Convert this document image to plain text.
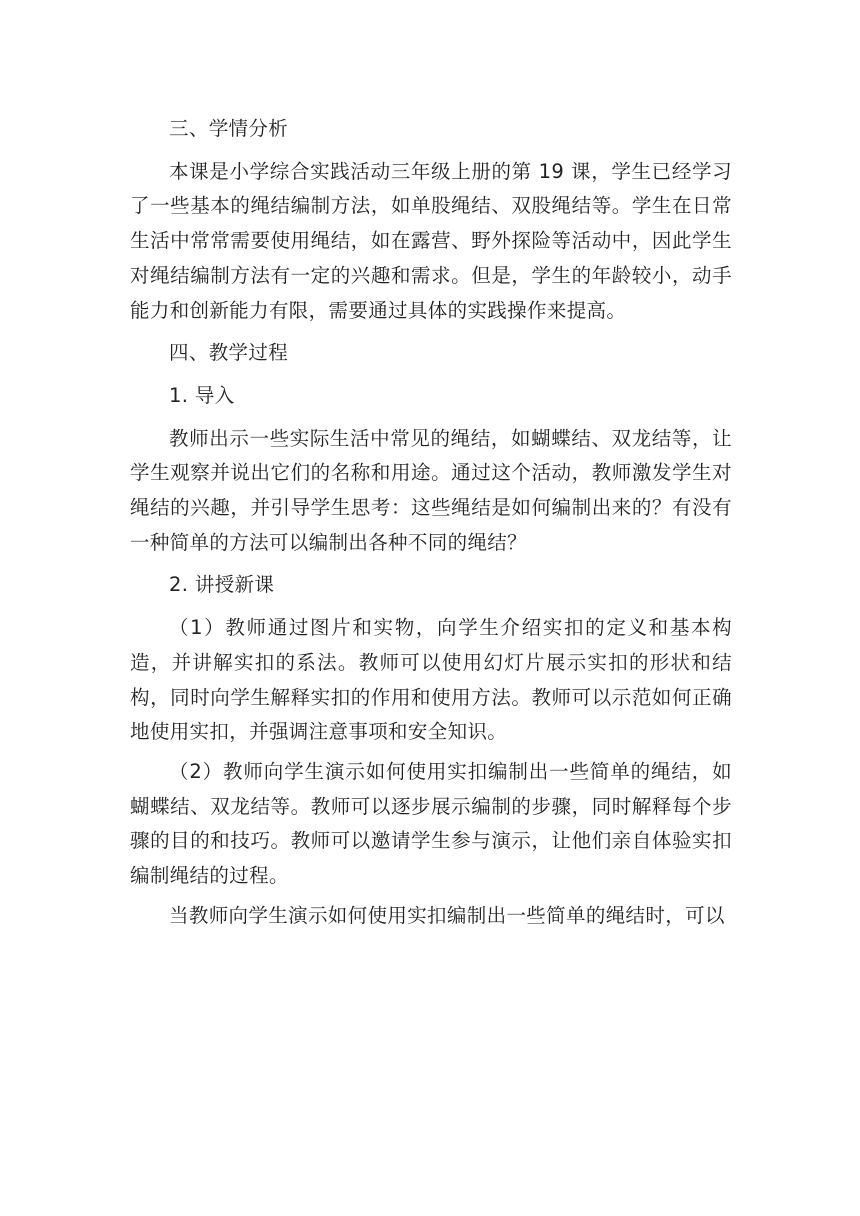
三、学情分析

本课是小学综合实践活动三年级上册的第 19 课，学生已经学习了一些基本的绳结编制方法，如单股绳结、双股绳结等。学生在日常生活中常常需要使用绳结，如在露营、野外探险等活动中，因此学生对绳结编制方法有一定的兴趣和需求。但是，学生的年龄较小，动手能力和创新能力有限，需要通过具体的实践操作来提高。

四、教学过程

1. 导入

教师出示一些实际生活中常见的绳结，如蝴蝶结、双龙结等，让学生观察并说出它们的名称和用途。通过这个活动，教师激发学生对绳结的兴趣，并引导学生思考：这些绳结是如何编制出来的？有没有一种简单的方法可以编制出各种不同的绳结？

2. 讲授新课

（1）教师通过图片和实物，向学生介绍实扣的定义和基本构造，并讲解实扣的系法。教师可以使用幻灯片展示实扣的形状和结构，同时向学生解释实扣的作用和使用方法。教师可以示范如何正确地使用实扣，并强调注意事项和安全知识。

（2）教师向学生演示如何使用实扣编制出一些简单的绳结，如蝴蝶结、双龙结等。教师可以逐步展示编制的步骤，同时解释每个步骤的目的和技巧。教师可以邀请学生参与演示，让他们亲自体验实扣编制绳结的过程。

当教师向学生演示如何使用实扣编制出一些简单的绳结时，可以
